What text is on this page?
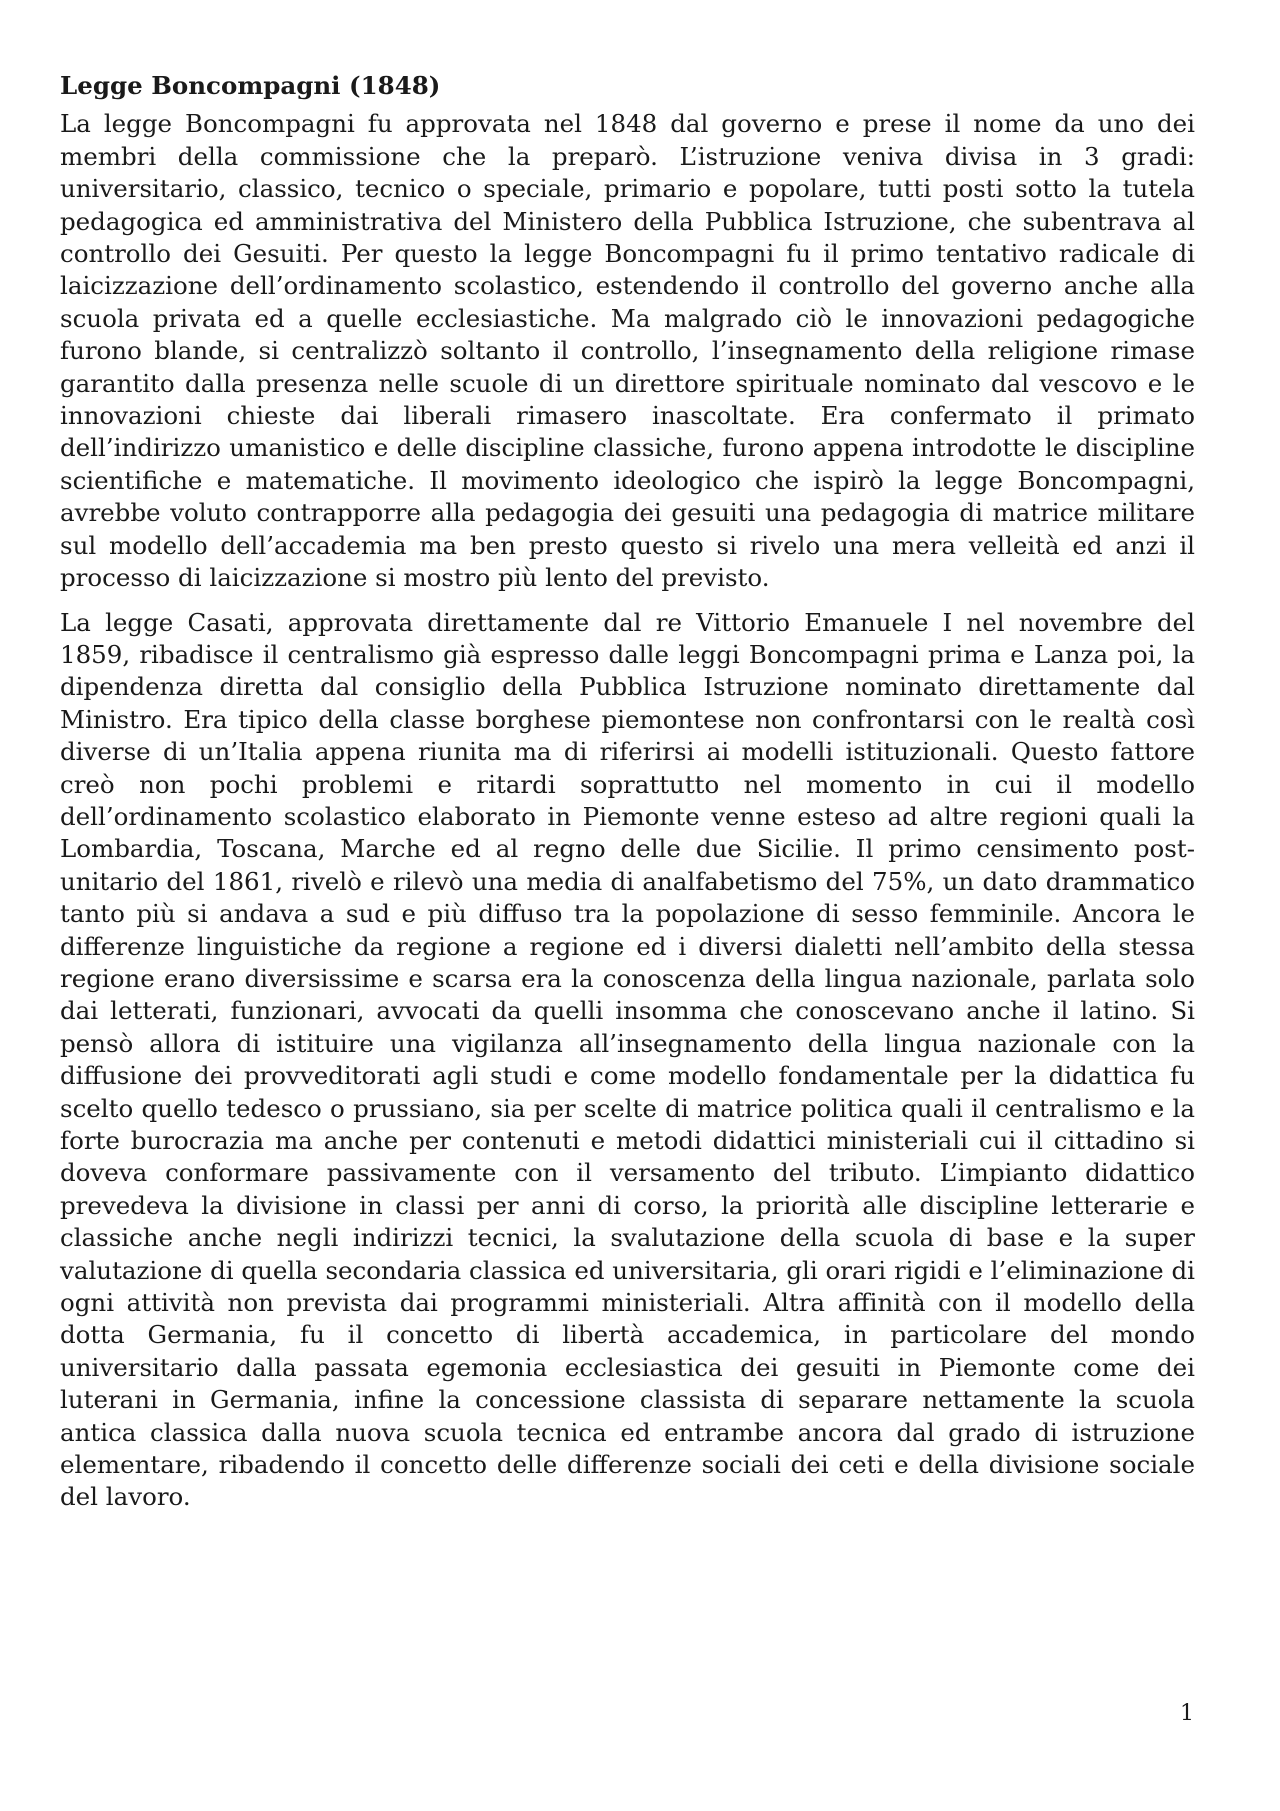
Legge Boncompagni (1848)

La legge Boncompagni fu approvata nel 1848 dal governo e prese il nome da uno dei membri della commissione che la preparò. L’istruzione veniva divisa in 3 gradi: universitario, classico, tecnico o speciale, primario e popolare, tutti posti sotto la tutela pedagogica ed amministrativa del Ministero della Pubblica Istruzione, che subentrava al controllo dei Gesuiti. Per questo la legge Boncompagni fu il primo tentativo radicale di laicizzazione dell’ordinamento scolastico, estendendo il controllo del governo anche alla scuola privata ed a quelle ecclesiastiche. Ma malgrado ciò le innovazioni pedagogiche furono blande, si centralizzò soltanto il controllo, l’insegnamento della religione rimase garantito dalla presenza nelle scuole di un direttore spirituale nominato dal vescovo e le innovazioni chieste dai liberali rimasero inascoltate. Era confermato il primato dell’indirizzo umanistico e delle discipline classiche, furono appena introdotte le discipline scientifiche e matematiche. Il movimento ideologico che ispirò la legge Boncompagni, avrebbe voluto contrapporre alla pedagogia dei gesuiti una pedagogia di matrice militare sul modello dell’accademia ma ben presto questo si rivelo una mera velleità ed anzi il processo di laicizzazione si mostro più lento del previsto.

La legge Casati, approvata direttamente dal re Vittorio Emanuele I nel novembre del 1859, ribadisce il centralismo già espresso dalle leggi Boncompagni prima e Lanza poi, la dipendenza diretta dal consiglio della Pubblica Istruzione nominato direttamente dal Ministro. Era tipico della classe borghese piemontese non confrontarsi con le realtà così diverse di un’Italia appena riunita ma di riferirsi ai modelli istituzionali. Questo fattore creò non pochi problemi e ritardi soprattutto nel momento in cui il modello dell’ordinamento scolastico elaborato in Piemonte venne esteso ad altre regioni quali la Lombardia, Toscana, Marche ed al regno delle due Sicilie. Il primo censimento post-unitario del 1861, rivelò e rilevò una media di analfabetismo del 75%, un dato drammatico tanto più si andava a sud e più diffuso tra la popolazione di sesso femminile. Ancora le differenze linguistiche da regione a regione ed i diversi dialetti nell’ambito della stessa regione erano diversissime e scarsa era la conoscenza della lingua nazionale, parlata solo dai letterati, funzionari, avvocati da quelli insomma che conoscevano anche il latino. Si pensò allora di istituire una vigilanza all’insegnamento della lingua nazionale con la diffusione dei provveditorati agli studi e come modello fondamentale per la didattica fu scelto quello tedesco o prussiano, sia per scelte di matrice politica quali il centralismo e la forte burocrazia ma anche per contenuti e metodi didattici ministeriali cui il cittadino si doveva conformare passivamente con il versamento del tributo. L’impianto didattico prevedeva la divisione in classi per anni di corso, la priorità alle discipline letterarie e classiche anche negli indirizzi tecnici, la svalutazione della scuola di base e la super valutazione di quella secondaria classica ed universitaria, gli orari rigidi e l’eliminazione di ogni attività non prevista dai programmi ministeriali. Altra affinità con il modello della dotta Germania, fu il concetto di libertà accademica, in particolare del mondo universitario dalla passata egemonia ecclesiastica dei gesuiti in Piemonte come dei luterani in Germania, infine la concessione classista di separare nettamente la scuola antica classica dalla nuova scuola tecnica ed entrambe ancora dal grado di istruzione elementare, ribadendo il concetto delle differenze sociali dei ceti e della divisione sociale del lavoro.

1
